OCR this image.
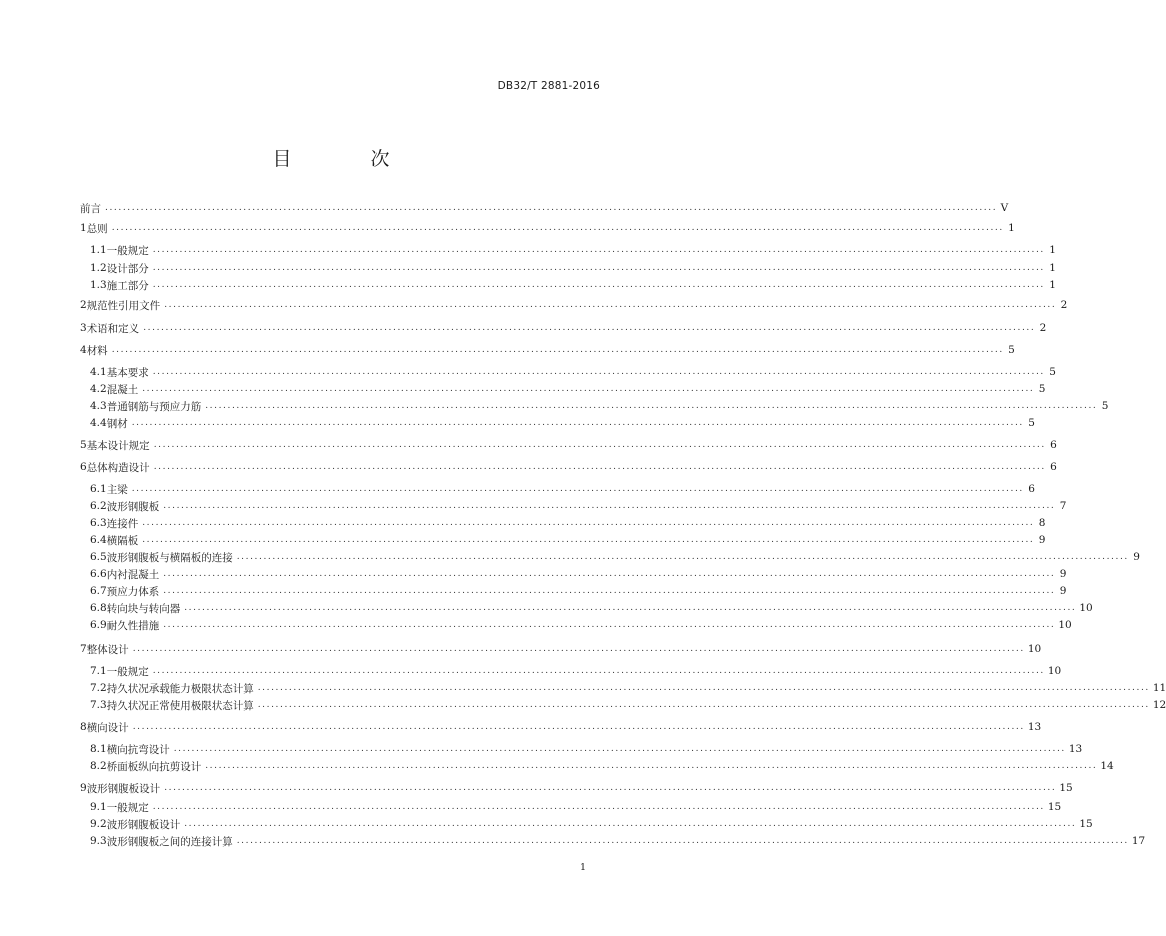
DB32/T 2881-2016
目　次
前言 ........................................................................................................................................................................................................ V
1 总则 ........................................................................................................................................................................................................ 1
1.1 一般规定 ........................................................................................................................................................................................................ 1
1.2 设计部分 ........................................................................................................................................................................................................ 1
1.3 施工部分 ........................................................................................................................................................................................................ 1
2 规范性引用文件 ........................................................................................................................................................................................................ 2
3 术语和定义 ........................................................................................................................................................................................................ 2
4 材料 ........................................................................................................................................................................................................ 5
4.1 基本要求 ........................................................................................................................................................................................................ 5
4.2 混凝土 ........................................................................................................................................................................................................ 5
4.3 普通钢筋与预应力筋 ........................................................................................................................................................................................................ 5
4.4 钢材 ........................................................................................................................................................................................................ 5
5 基本设计规定 ........................................................................................................................................................................................................ 6
6 总体构造设计 ........................................................................................................................................................................................................ 6
6.1 主梁 ........................................................................................................................................................................................................ 6
6.2 波形钢腹板 ........................................................................................................................................................................................................ 7
6.3 连接件 ........................................................................................................................................................................................................ 8
6.4 横隔板 ........................................................................................................................................................................................................ 9
6.5 波形钢腹板与横隔板的连接 ........................................................................................................................................................................................................ 9
6.6 内衬混凝土 ........................................................................................................................................................................................................ 9
6.7 预应力体系 ........................................................................................................................................................................................................ 9
6.8 转向块与转向器 ........................................................................................................................................................................................................ 10
6.9 耐久性措施 ........................................................................................................................................................................................................ 10
7 整体设计 ........................................................................................................................................................................................................ 10
7.1 一般规定 ........................................................................................................................................................................................................ 10
7.2 持久状况承载能力极限状态计算 ........................................................................................................................................................................................................ 11
7.3 持久状况正常使用极限状态计算 ........................................................................................................................................................................................................ 12
8 横向设计 ........................................................................................................................................................................................................ 13
8.1 横向抗弯设计 ........................................................................................................................................................................................................ 13
8.2 桥面板纵向抗剪设计 ........................................................................................................................................................................................................ 14
9 波形钢腹板设计 ........................................................................................................................................................................................................ 15
9.1 一般规定 ........................................................................................................................................................................................................ 15
9.2 波形钢腹板设计 ........................................................................................................................................................................................................ 15
9.3 波形钢腹板之间的连接计算 ........................................................................................................................................................................................................ 17
1
